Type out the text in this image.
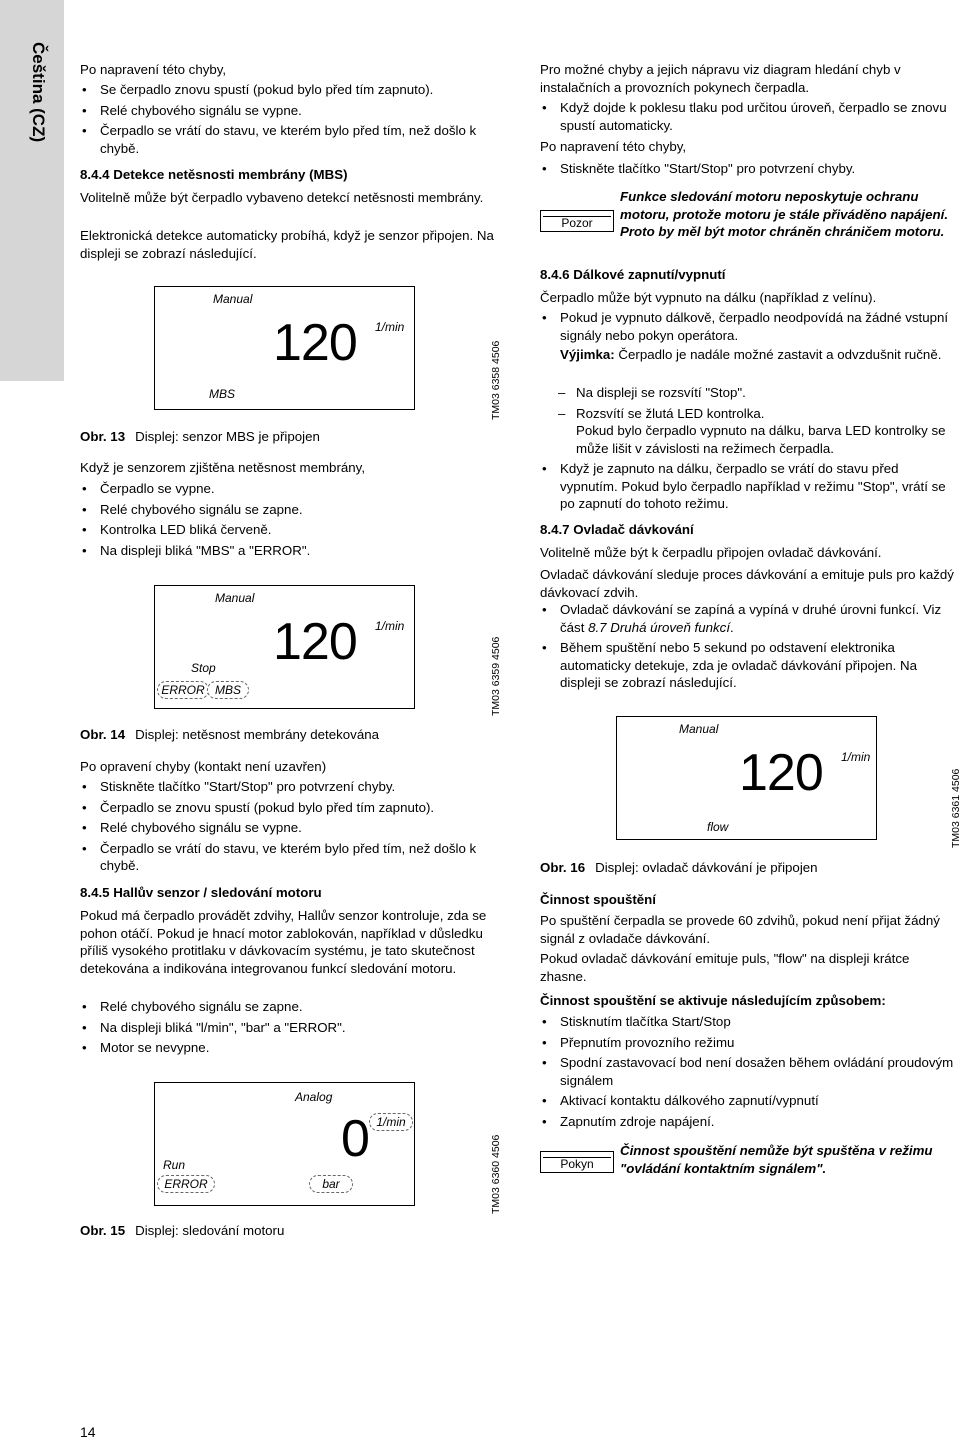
Čeština (CZ) Po napravení této chyby,

• Se čerpadlo znovu spustí (pokud bylo před tím zapnuto).
• Relé chybového signálu se vypne.
• Čerpadlo se vrátí do stavu, ve kterém bylo před tím, než došlo k chybě.

8.4.4 Detekce netěsnosti membrány (MBS)

Volitelně může být čerpadlo vybaveno detekcí netěsnosti membrány.

Elektronická detekce automaticky probíhá, když je senzor připojen. Na displeji se zobrazí následující.

Manual
120 1/min
MBS	TM03 6358 4506

Obr. 13 Displej: senzor MBS je připojen

Když je senzorem zjištěna netěsnost membrány,

• Čerpadlo se vypne.
• Relé chybového signálu se zapne.
• Kontrolka LED bliká červeně.
• Na displeji bliká "MBS" a "ERROR".
Manual
120 1/min
Stop
ERROR MBS	TM03 6359 4506

Obr. 14 Displej: netěsnost membrány detekována

Po opravení chyby (kontakt není uzavřen)

• Stiskněte tlačítko "Start/Stop" pro potvrzení chyby.
• Čerpadlo se znovu spustí (pokud bylo před tím zapnuto).
• Relé chybového signálu se vypne.
• Čerpadlo se vrátí do stavu, ve kterém bylo před tím, než došlo k chybě.

8.4.5 Hallův senzor / sledování motoru

Pokud má čerpadlo provádět zdvihy, Hallův senzor kontroluje, zda se pohon otáčí. Pokud je hnací motor zablokován, například v důsledku příliš vysokého protitlaku v dávkovacím systému, je tato skutečnost detekována a indikována integrovanou funkcí sledování motoru.

• Relé chybového signálu se zapne.
• Na displeji bliká "l/min", "bar" a "ERROR".
• Motor se nevypne.
Analog
0 1/min
Run
ERROR	bar	TM03 6360 4506

Obr. 15 Displej: sledování motoru

Pro možné chyby a jejich nápravu viz diagram hledání chyb v instalačních a provozních pokynech čerpadla.

• Když dojde k poklesu tlaku pod určitou úroveň, čerpadlo se znovu spustí automaticky.

Po napravení této chyby,

• Stiskněte tlačítko "Start/Stop" pro potvrzení chyby.
Pozor

Funkce sledování motoru neposkytuje ochranu motoru, protože motoru je stále přiváděno napájení. Proto by měl být motor chráněn chráničem motoru.

8.4.6 Dálkové zapnutí/vypnutí

Čerpadlo může být vypnuto na dálku (například z velínu).

• Pokud je vypnuto dálkově, čerpadlo neodpovídá na žádné vstupní signály nebo pokyn operátora.

Výjimka: Čerpadlo je nadále možné zastavit a odvzdušnit ručně.

– Na displeji se rozsvítí "Stop".
– Rozsvítí se žlutá LED kontrolka.

Pokud bylo čerpadlo vypnuto na dálku, barva LED kontrolky se může lišit v závislosti na režimech čerpadla.

• Když je zapnuto na dálku, čerpadlo se vrátí do stavu před vypnutím. Pokud bylo čerpadlo například v režimu "Stop", vrátí se po zapnutí do tohoto režimu.

8.4.7 Ovladač dávkování

Volitelně může být k čerpadlu připojen ovladač dávkování.

Ovladač dávkování sleduje proces dávkování a emituje puls pro každý dávkovací zdvih.

• Ovladač dávkování se zapíná a vypíná v druhé úrovni funkcí. Viz část 8.7 Druhá úroveň funkcí.
• Během spuštění nebo 5 sekund po odstavení elektronika automaticky detekuje, zda je ovladač dávkování připojen. Na displeji se zobrazí následující.
Manual
120 1/min
flow	TM03 6361 4506

Obr. 16 Displej: ovladač dávkování je připojen

Činnost spouštění

Po spuštění čerpadla se provede 60 zdvihů, pokud není přijat žádný signál z ovladače dávkování.

Pokud ovladač dávkování emituje puls, "flow" na displeji krátce zhasne.

Činnost spouštění se aktivuje následujícím způsobem:

• Stisknutím tlačítka Start/Stop
• Přepnutím provozního režimu
• Spodní zastavovací bod není dosažen během ovládání proudovým signálem
• Aktivací kontaktu dálkového zapnutí/vypnutí
• Zapnutím zdroje napájení.
Pokyn

Činnost spouštění nemůže být spuštěna v režimu "ovládání kontaktním signálem".

14
